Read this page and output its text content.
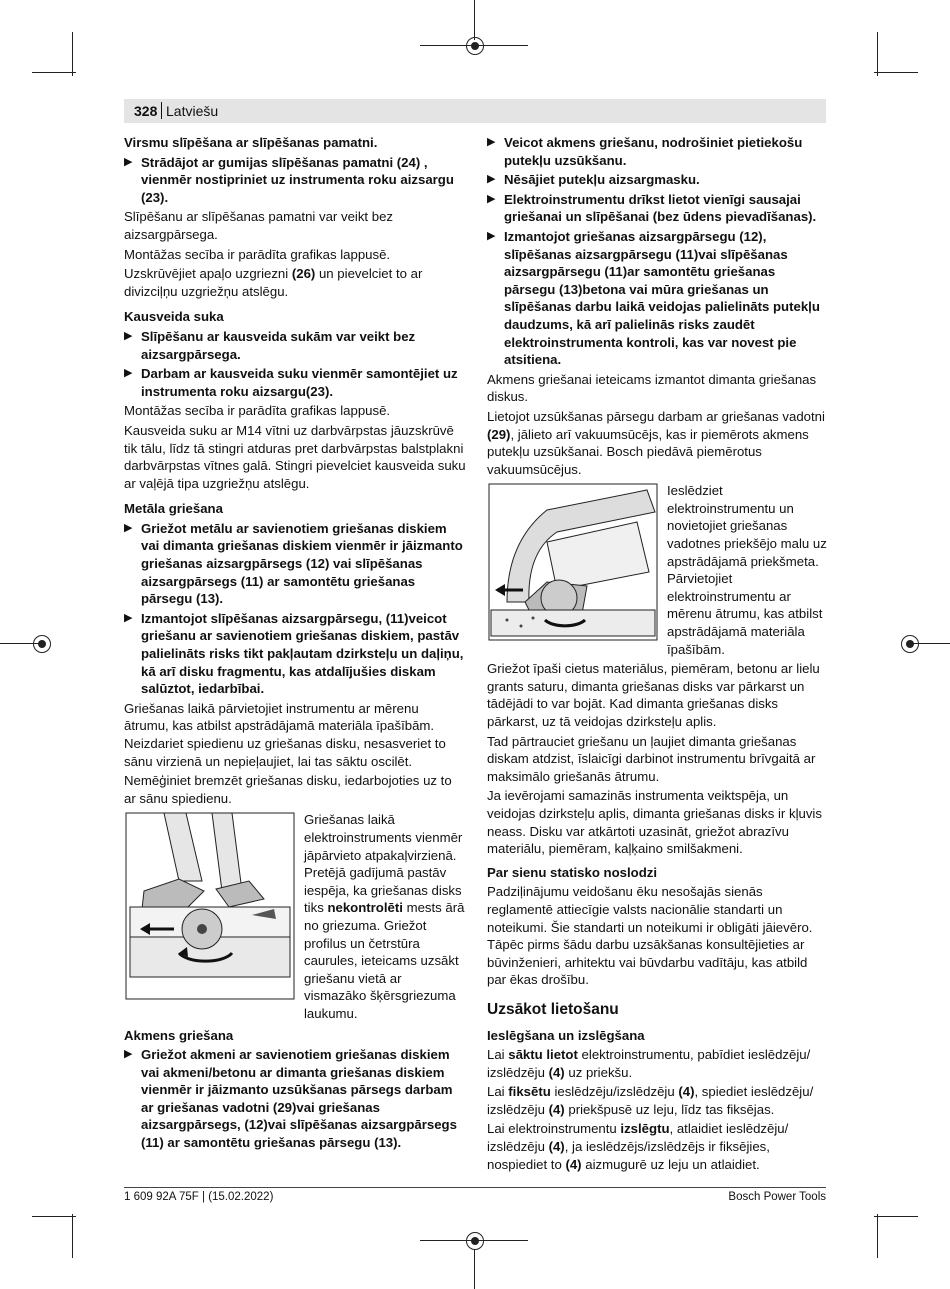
328 Latviešu

Virsmu slīpēšana ar slīpēšanas pamatni.

▶ Strādājot ar gumijas slīpēšanas pamatni (24) , vienmēr nostipriniet uz instrumenta roku aizsargu (23).

Slīpēšanu ar slīpēšanas pamatni var veikt bez aizsargpārsega.

Montāžas secība ir parādīta grafikas lappusē.

Uzskrūvējiet apaļo uzgriezni (26) un pievelciet to ar divizciļņu uzgriežņu atslēgu.

Kausveida suka

▶ Slīpēšanu ar kausveida sukām var veikt bez aizsargpārsega.
▶ Darbam ar kausveida suku vienmēr samontējiet uz instrumenta roku aizsargu(23).

Montāžas secība ir parādīta grafikas lappusē.

Kausveida suku ar M14 vītni uz darbvārpstas jāuzskrūvē tik tālu, līdz tā stingri atduras pret darbvārpstas balstplakni darbvārpstas vītnes galā. Stingri pievelciet kausveida suku ar vaļējā tipa uzgriežņu atslēgu.

Metāla griešana

▶ Griežot metālu ar savienotiem griešanas diskiem vai dimanta griešanas diskiem vienmēr ir jāizmanto griešanas aizsargpārsegs (12) vai slīpēšanas aizsargpārsegs (11) ar samontētu griešanas pārsegu (13).
▶ Izmantojot slīpēšanas aizsargpārsegu, (11)veicot griešanu ar savienotiem griešanas diskiem, pastāv palielināts risks tikt pakļautam dzirksteļu un daļiņu, kā arī disku fragmentu, kas atdalījušies diskam salūztot, iedarbībai.

Griešanas laikā pārvietojiet instrumentu ar mērenu ātrumu, kas atbilst apstrādājamā materiāla īpašībām. Neizdariet spiedienu uz griešanas disku, nesasveriet to sānu virzienā un nepieļaujiet, lai tas sāktu oscilēt.

Nemēģiniet bremzēt griešanas disku, iedarbojoties uz to ar sānu spiedienu.

Griešanas laikā elektroinstruments vienmēr jāpārvieto atpakaļvirzienā. Pretējā gadījumā pastāv iespēja, ka griešanas disks tiks nekontrolēti mests ārā no griezuma. Griežot profilus un četrstūra caurules, ieteicams uzsākt griešanu vietā ar vismazāko šķērsgriezuma laukumu.

Akmens griešana

▶ Griežot akmeni ar savienotiem griešanas diskiem vai akmeni/betonu ar dimanta griešanas diskiem vienmēr ir jāizmanto uzsūkšanas pārsegs darbam ar griešanas vadotni (29)vai griešanas aizsargpārsegs, (12)vai slīpēšanas aizsargpārsegs (11) ar samontētu griešanas pārsegu (13).
▶ Veicot akmens griešanu, nodrošiniet pietiekošu putekļu uzsūkšanu.
▶ Nēsājiet putekļu aizsargmasku.
▶ Elektroinstrumentu drīkst lietot vienīgi sausajai griešanai un slīpēšanai (bez ūdens pievadīšanas).
▶ Izmantojot griešanas aizsargpārsegu (12), slīpēšanas aizsargpārsegu (11)vai slīpēšanas aizsargpārsegu (11)ar samontētu griešanas pārsegu (13)betona vai mūra griešanas un slīpēšanas darbu laikā veidojas palielināts putekļu daudzums, kā arī palielinās risks zaudēt elektroinstrumenta kontroli, kas var novest pie atsitiena.

Akmens griešanai ieteicams izmantot dimanta griešanas diskus.

Lietojot uzsūkšanas pārsegu darbam ar griešanas vadotni (29), jālieto arī vakuumsūcējs, kas ir piemērots akmens putekļu uzsūkšanai. Bosch piedāvā piemērotus vakuumsūcējus.

Ieslēdziet elektroinstrumentu un novietojiet griešanas vadotnes priekšējo malu uz apstrādājamā priekšmeta. Pārvietojiet elektroinstrumentu ar mērenu ātrumu, kas atbilst apstrādājamā materiāla īpašībām.

Griežot īpaši cietus materiālus, piemēram, betonu ar lielu grants saturu, dimanta griešanas disks var pārkarst un tādējādi to var bojāt. Kad dimanta griešanas disks pārkarst, uz tā veidojas dzirksteļu aplis.

Tad pārtrauciet griešanu un ļaujiet dimanta griešanas diskam atdzist, īslaicīgi darbinot instrumentu brīvgaitā ar maksimālo griešanās ātrumu.

Ja ievērojami samazinās instrumenta veiktspēja, un veidojas dzirksteļu aplis, dimanta griešanas disks ir kļuvis neass. Disku var atkārtoti uzasināt, griežot abrazīvu materiālu, piemēram, kaļķaino smilšakmeni.

Par sienu statisko noslodzi

Padziļinājumu veidošanu ēku nesošajās sienās reglamentē attiecīgie valsts nacionālie standarti un noteikumi. Šie standarti un noteikumi ir obligāti jāievēro. Tāpēc pirms šādu darbu uzsākšanas konsultējieties ar būvinženieri, arhitektu vai būvdarbu vadītāju, kas atbild par ēkas drošību.

Uzsākot lietošanu

Ieslēgšana un izslēgšana

Lai sāktu lietot elektroinstrumentu, pabīdiet ieslēdzēju/ izslēdzēju (4) uz priekšu.

Lai fiksētu ieslēdzēju/izslēdzēju (4), spiediet ieslēdzēju/ izslēdzēju (4) priekšpusē uz leju, līdz tas fiksējas.

Lai elektroinstrumentu izslēgtu, atlaidiet ieslēdzēju/ izslēdzēju (4), ja ieslēdzējs/izslēdzējs ir fiksējies, nospiediet to (4) aizmugurē uz leju un atlaidiet.

1 609 92A 75F | (15.02.2022)	Bosch Power Tools
